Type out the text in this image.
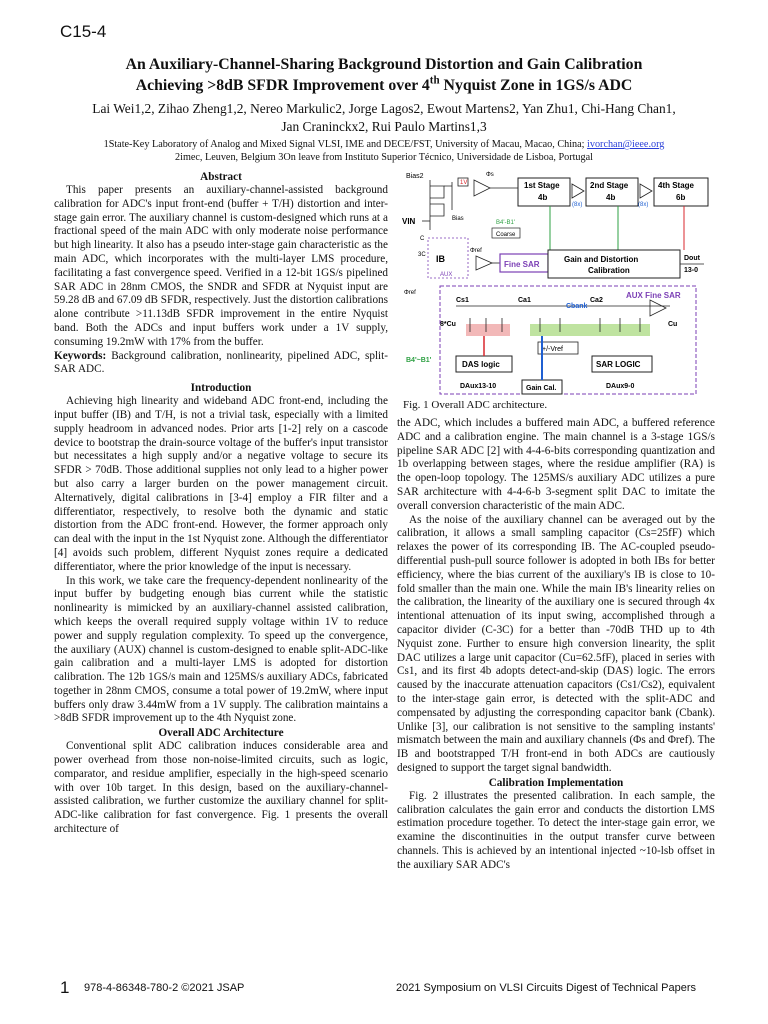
C15-4
An Auxiliary-Channel-Sharing Background Distortion and Gain Calibration
Achieving >8dB SFDR Improvement over 4th Nyquist Zone in 1GS/s ADC
Lai Wei1,2, Zihao Zheng1,2, Nereo Markulic2, Jorge Lagos2, Ewout Martens2, Yan Zhu1, Chi-Hang Chan1,
Jan Craninckx2, Rui Paulo Martins1,3
1State-Key Laboratory of Analog and Mixed Signal VLSI, IME and DECE/FST, University of Macau, Macao, China; ivorchan@ieee.org
2imec, Leuven, Belgium 3On leave from Instituto Superior Técnico, Universidade de Lisboa, Portugal
Abstract

This paper presents an auxiliary-channel-assisted background calibration for ADC's input front-end (buffer + T/H) distortion and inter-stage gain error. The auxiliary channel is custom-designed which runs at a fractional speed of the main ADC with only moderate noise performance but high linearity. It also has a pseudo inter-stage gain characteristic as the main ADC, which incorporates with the multi-layer LMS procedure, facilitating a fast convergence speed. Verified in a 12-bit 1GS/s pipelined SAR ADC in 28nm CMOS, the SNDR and SFDR at Nyquist input are 59.28 dB and 67.09 dB SFDR, respectively. Just the distortion calibrations alone contribute >11.13dB SFDR improvement in the entire Nyquist band. Both the ADCs and input buffers work under a 1V supply, consuming 19.2mW with 17% from the buffer.

Keywords: Background calibration, nonlinearity, pipelined ADC, split-SAR ADC.

Introduction

Achieving high linearity and wideband ADC front-end, including the input buffer (IB) and T/H, is not a trivial task, especially with a limited supply headroom in advanced nodes. Prior arts [1-2] rely on a cascode device to bootstrap the drain-source voltage of the buffer's input transistor but necessitates a high supply and/or a negative voltage to secure its SFDR > 70dB. Those additional supplies not only lead to a higher power but also carry a larger burden on the power management circuit. Alternatively, digital calibrations in [3-4] employ a FIR filter and a differentiator, respectively, to resolve both the dynamic and static distortion from the ADC front-end. However, the former approach only can deal with the input in the 1st Nyquist zone. Although the differentiator [4] avoids such problem, different Nyquist zones require a dedicated differentiator, where the prior knowledge of the input is necessary.

In this work, we take care the frequency-dependent nonlinearity of the input buffer by budgeting enough bias current while the statistic nonlinearity is mimicked by an auxiliary-channel assisted calibration, which keeps the overall required supply voltage within 1V to reduce power and supply regulation complexity. To speed up the convergence, the auxiliary (AUX) channel is custom-designed to enable split-ADC-like gain calibration and a multi-layer LMS is adopted for distortion calibration. The 12b 1GS/s main and 125MS/s auxiliary ADCs, fabricated together in 28nm CMOS, consume a total power of 19.2mW, where input buffers only draw 3.44mW from a 1V supply. The calibration maintains a >8dB SFDR improvement up to the 4th Nyquist zone.

Overall ADC Architecture

Conventional split ADC calibration induces considerable area and power overhead from those non-noise-limited circuits, such as logic, comparator, and residue amplifier, especially in the high-speed scenario with over 10b target. In this design, based on the auxiliary-channel-assisted calibration, we further customize the auxiliary channel for split-ADC-like calibration for fast convergence. Fig. 1 presents the overall architecture of

Bias2
1V
Φs
1st Stage
4b
(8x)
2nd Stage
4b
(8x)
4th Stage
6b
VIN	Bias
B4'-B1'
Coarse
IB
3C
C
Φref
AUX
Fine SAR
Gain and Distortion
Calibration
Dout
13-0
AUX Fine SAR
Φref
Cs1	Ca1
Cbank
Ca2
8*Cu	Cu
+/-Vref
B4'~B1'	DAS logic	SAR LOGIC
Gain Cal.
DAux13-10	DAux9-0
Fig. 1 Overall ADC architecture.

the ADC, which includes a buffered main ADC, a buffered reference ADC and a calibration engine. The main channel is a 3-stage 1GS/s pipeline SAR ADC [2] with 4-4-6-bits corresponding quantization and 1b overlapping between stages, where the residue amplifier (RA) is the open-loop topology. The 125MS/s auxiliary ADC utilizes a pure SAR architecture with 4-4-6-b 3-segment split DAC to imitate the overall conversion characteristic of the main ADC.

As the noise of the auxiliary channel can be averaged out by the calibration, it allows a small sampling capacitor (Cs=25fF) which relaxes the power of its corresponding IB. The AC-coupled pseudo-differential push-pull source follower is adopted in both IBs for better efficiency, where the bias current of the auxiliary's IB is close to 10-fold smaller than the main one. While the main IB's linearity relies on the calibration, the linearity of the auxiliary one is secured through 4x intentional attenuation of its input swing, accomplished through a capacitor divider (C-3C) for a better than -70dB THD up to 4th Nyquist zone. Further to ensure high conversion linearity, the split DAC utilizes a large unit capacitor (Cu=62.5fF), placed in series with Cs1, and its first 4b adopts detect-and-skip (DAS) logic. The errors caused by the inaccurate attenuation capacitors (Cs1/Cs2), equivalent to the inter-stage gain error, is detected with the split-ADC and compensated by adjusting the corresponding capacitor bank (Cbank). Unlike [3], our calibration is not sensitive to the sampling instants' mismatch between the main and auxiliary channels (Φs and Φref). The IB and bootstrapped T/H front-end in both ADCs are cautiously designed to support the target signal bandwidth.

Calibration Implementation

Fig. 2 illustrates the presented calibration. In each sample, the calibration calculates the gain error and conducts the distortion LMS estimation procedure together. To detect the inter-stage gain error, we examine the discontinuities in the output transfer curve between channels. This is achieved by an intentional injected ~10-lsb offset in the auxiliary SAR ADC's

1 978-4-86348-780-2 ©2021 JSAP	2021 Symposium on VLSI Circuits Digest of Technical Papers
